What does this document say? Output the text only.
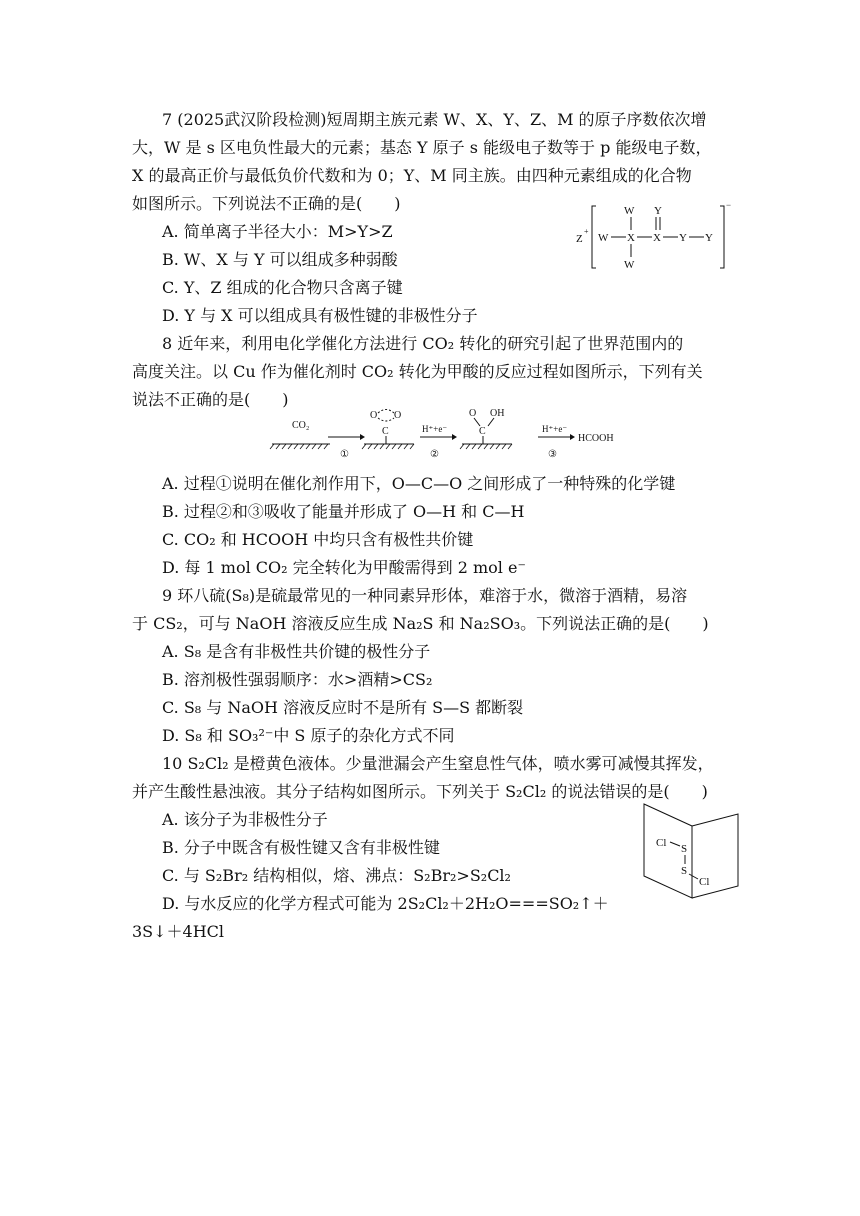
7 (2025武汉阶段检测)短周期主族元素 W、X、Y、Z、M 的原子序数依次增
大，W 是 s 区电负性最大的元素；基态 Y 原子 s 能级电子数等于 p 能级电子数，
X 的最高正价与最低负价代数和为 0；Y、M 同主族。由四种元素组成的化合物
如图所示。下列说法不正确的是(　　)
A. 简单离子半径大小：M>Y>Z
B. W、X 与 Y 可以组成多种弱酸
C. Y、Z 组成的化合物只含离子键
D. Y 与 X 可以组成具有极性键的非极性分子
Z
+
−
W X
W
W
X
Y
Y Y
8 近年来，利用电化学催化方法进行 CO₂ 转化的研究引起了世界范围内的
高度关注。以 Cu 作为催化剂时 CO₂ 转化为甲酸的反应过程如图所示，下列有关
说法不正确的是(　　)
CO₂
①
O O
C	H⁺+e⁻
②
O OH
C	H⁺+e⁻
③
HCOOH
A. 过程①说明在催化剂作用下，O—C—O 之间形成了一种特殊的化学键
B. 过程②和③吸收了能量并形成了 O—H 和 C—H
C. CO₂ 和 HCOOH 中均只含有极性共价键
D. 每 1 mol CO₂ 完全转化为甲酸需得到 2 mol e⁻
9 环八硫(S₈)是硫最常见的一种同素异形体，难溶于水，微溶于酒精，易溶
于 CS₂，可与 NaOH 溶液反应生成 Na₂S 和 Na₂SO₃。下列说法正确的是(　　)
A. S₈ 是含有非极性共价键的极性分子
B. 溶剂极性强弱顺序：水>酒精>CS₂
C. S₈ 与 NaOH 溶液反应时不是所有 S—S 都断裂
D. S₈ 和 SO₃²⁻中 S 原子的杂化方式不同
10 S₂Cl₂ 是橙黄色液体。少量泄漏会产生窒息性气体，喷水雾可减慢其挥发，
并产生酸性悬浊液。其分子结构如图所示。下列关于 S₂Cl₂ 的说法错误的是(　　)
A. 该分子为非极性分子
B. 分子中既含有极性键又含有非极性键
C. 与 S₂Br₂ 结构相似，熔、沸点：S₂Br₂>S₂Cl₂
D. 与水反应的化学方程式可能为 2S₂Cl₂＋2H₂O===SO₂↑＋
3S↓＋4HCl
Cl S
S
Cl
